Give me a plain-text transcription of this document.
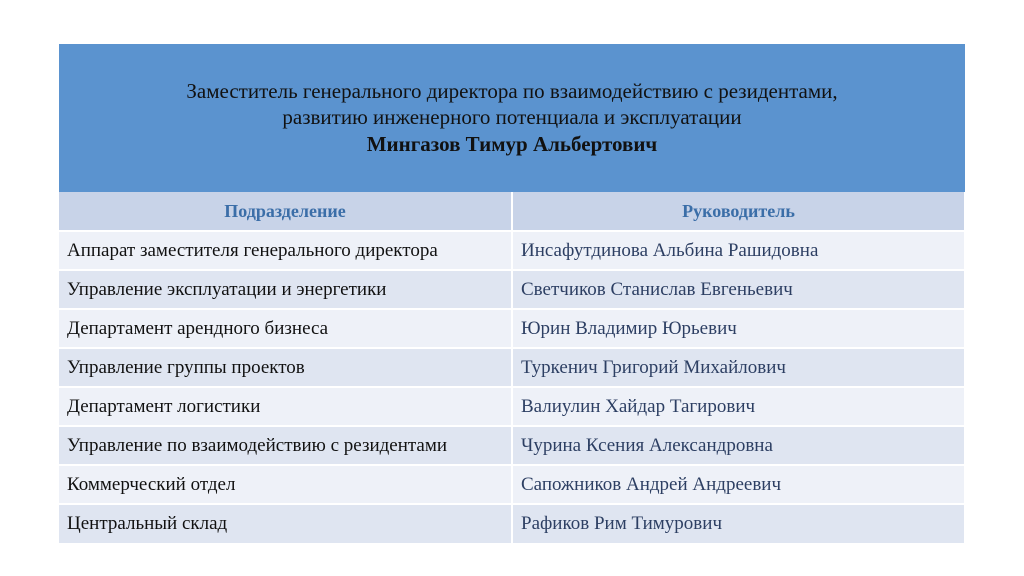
Заместитель генерального директора по взаимодействию с резидентами,
развитию инженерного потенциала и эксплуатации
Мингазов Тимур Альбертович
Подразделение	Руководитель
Аппарат заместителя генерального директора	Инсафутдинова Альбина Рашидовна
Управление эксплуатации и энергетики	Светчиков Станислав Евгеньевич
Департамент арендного бизнеса	Юрин Владимир Юрьевич
Управление группы проектов	Туркенич Григорий Михайлович
Департамент логистики	Валиулин Хайдар Тагирович
Управление по взаимодействию с резидентами	Чурина Ксения Александровна
Коммерческий отдел	Сапожников Андрей Андреевич
Центральный склад	Рафиков Рим Тимурович
